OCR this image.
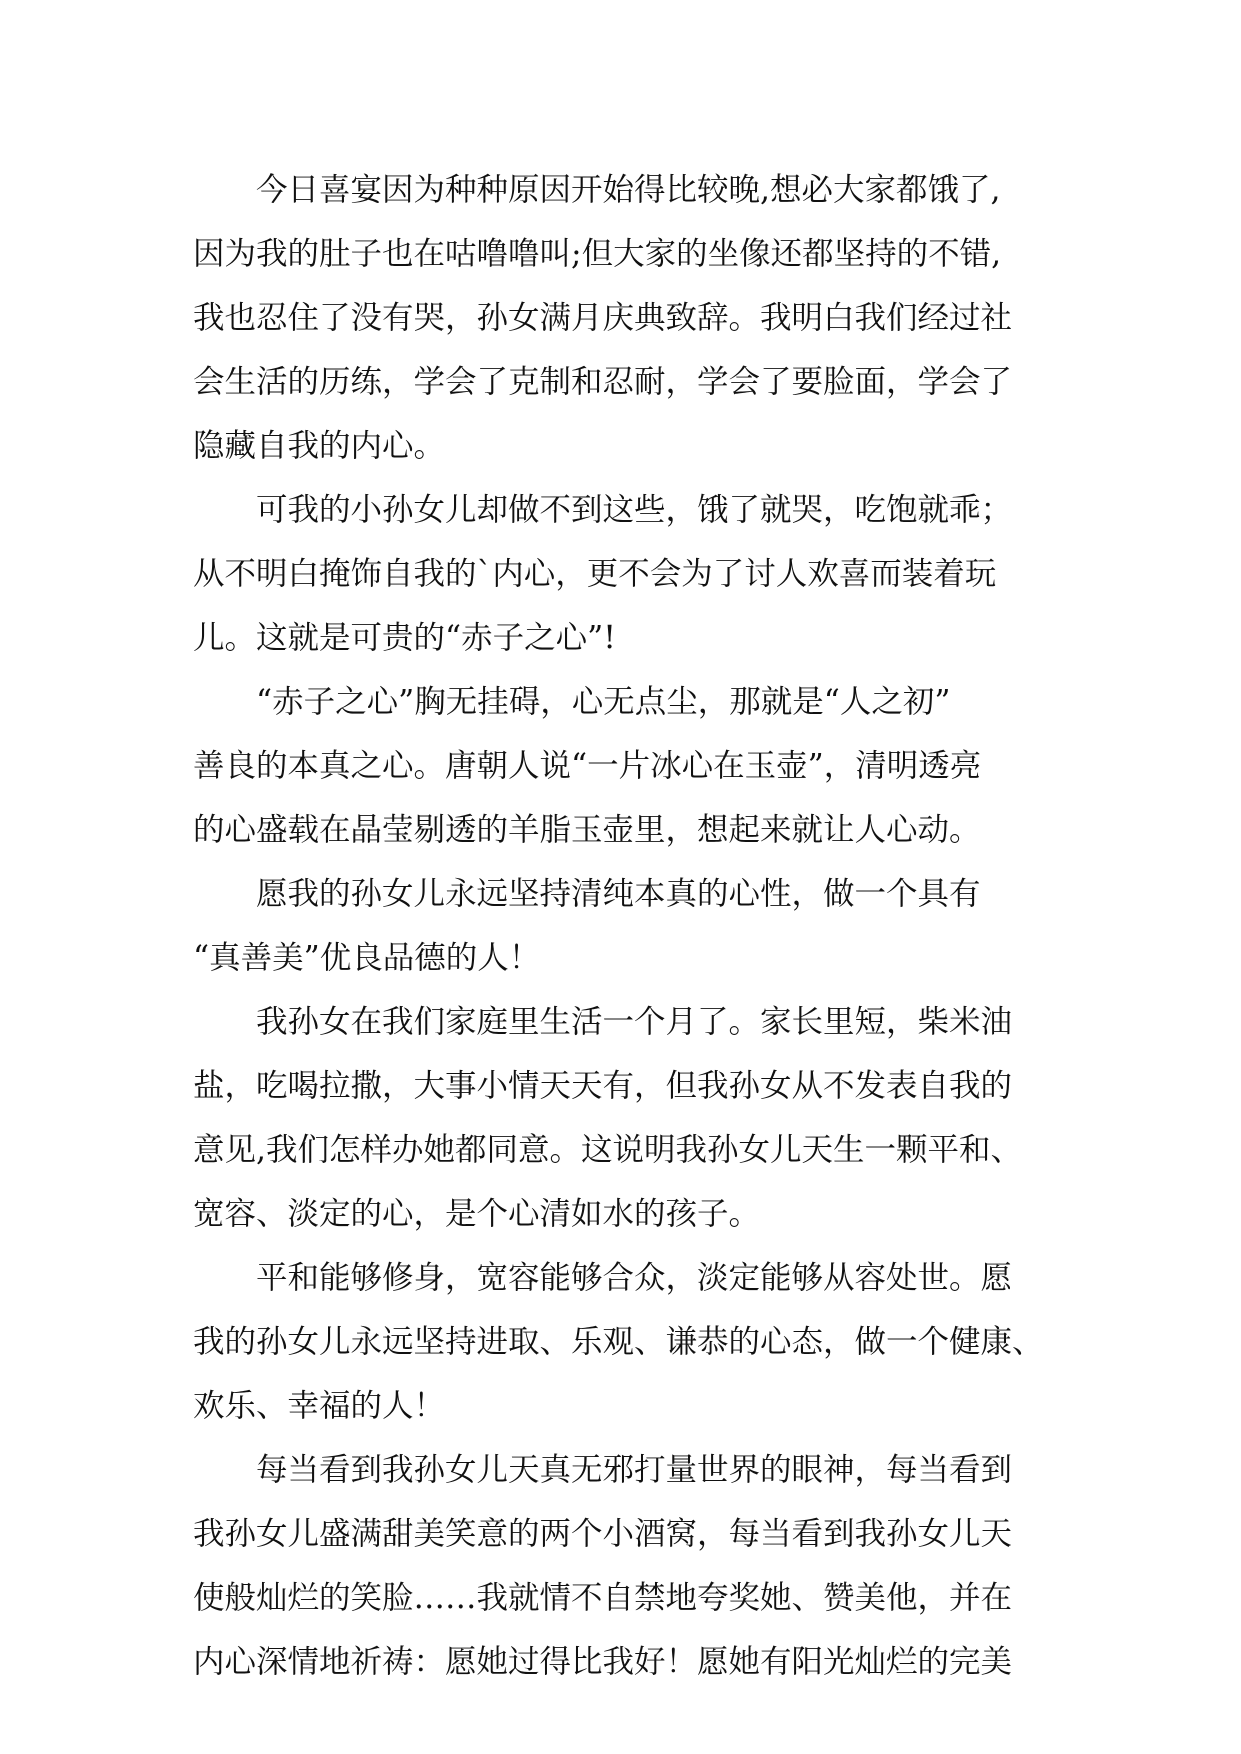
今日喜宴因为种种原因开始得比较晚,想必大家都饿了,
因为我的肚子也在咕噜噜叫;但大家的坐像还都坚持的不错,
我也忍住了没有哭，孙女满月庆典致辞。我明白我们经过社
会生活的历练，学会了克制和忍耐，学会了要脸面，学会了
隐藏自我的内心。
可我的小孙女儿却做不到这些，饿了就哭，吃饱就乖；
从不明白掩饰自我的`内心，更不会为了讨人欢喜而装着玩
儿。这就是可贵的“赤子之心”!
“赤子之心”胸无挂碍，心无点尘，那就是“人之初”
善良的本真之心。唐朝人说“一片冰心在玉壶”，清明透亮
的心盛载在晶莹剔透的羊脂玉壶里，想起来就让人心动。
愿我的孙女儿永远坚持清纯本真的心性，做一个具有
“真善美”优良品德的人！
我孙女在我们家庭里生活一个月了。家长里短，柴米油
盐，吃喝拉撒，大事小情天天有，但我孙女从不发表自我的
意见,我们怎样办她都同意。这说明我孙女儿天生一颗平和、
宽容、淡定的心，是个心清如水的孩子。
平和能够修身，宽容能够合众，淡定能够从容处世。愿
我的孙女儿永远坚持进取、乐观、谦恭的心态，做一个健康、
欢乐、幸福的人！
每当看到我孙女儿天真无邪打量世界的眼神，每当看到
我孙女儿盛满甜美笑意的两个小酒窝，每当看到我孙女儿天
使般灿烂的笑脸……我就情不自禁地夸奖她、赞美他，并在
内心深情地祈祷：愿她过得比我好！愿她有阳光灿烂的完美
